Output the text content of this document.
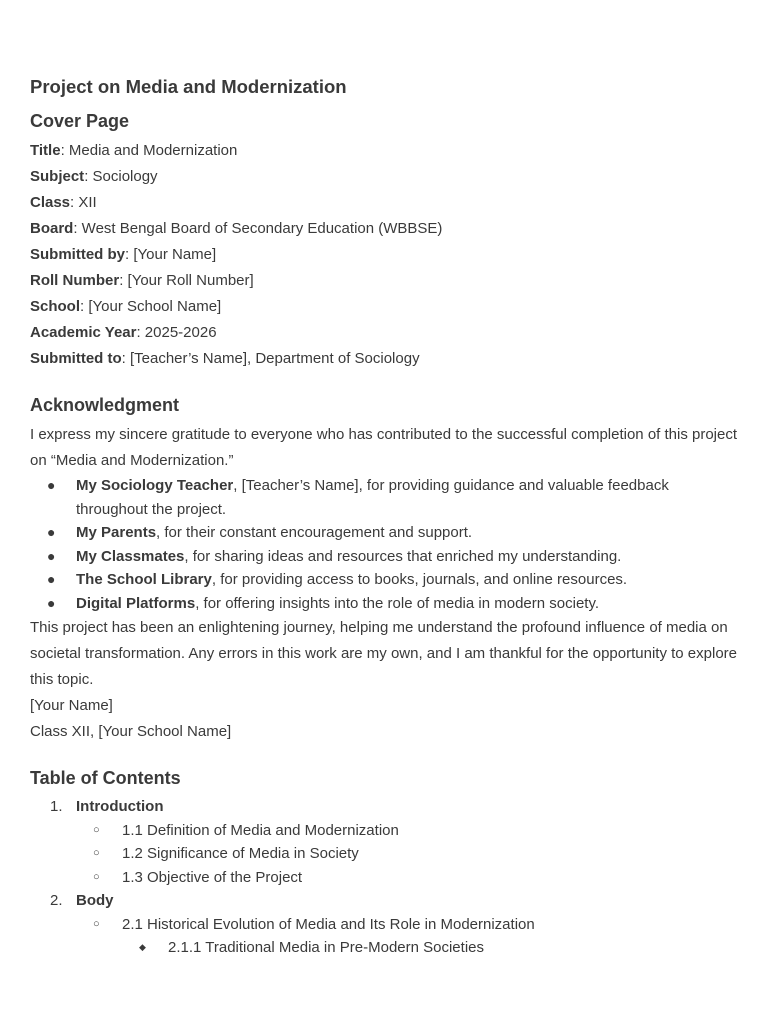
Project on Media and Modernization
Cover Page

Title: Media and Modernization

Subject: Sociology

Class: XII

Board: West Bengal Board of Secondary Education (WBBSE)

Submitted by: [Your Name]

Roll Number: [Your Roll Number]

School: [Your School Name]

Academic Year: 2025-2026

Submitted to: [Teacher’s Name], Department of Sociology

Acknowledgment

I express my sincere gratitude to everyone who has contributed to the successful completion of this project on “Media and Modernization.”

● My Sociology Teacher, [Teacher’s Name], for providing guidance and valuable feedback throughout the project.
● My Parents, for their constant encouragement and support.
● My Classmates, for sharing ideas and resources that enriched my understanding.
● The School Library, for providing access to books, journals, and online resources.
● Digital Platforms, for offering insights into the role of media in modern society.

This project has been an enlightening journey, helping me understand the profound influence of media on societal transformation. Any errors in this work are my own, and I am thankful for the opportunity to explore this topic.

[Your Name]

Class XII, [Your School Name]

Table of Contents
1. Introduction
○ 1.1 Definition of Media and Modernization
○ 1.2 Significance of Media in Society
○ 1.3 Objective of the Project
2. Body
○ 2.1 Historical Evolution of Media and Its Role in Modernization
◆ 2.1.1 Traditional Media in Pre-Modern Societies
